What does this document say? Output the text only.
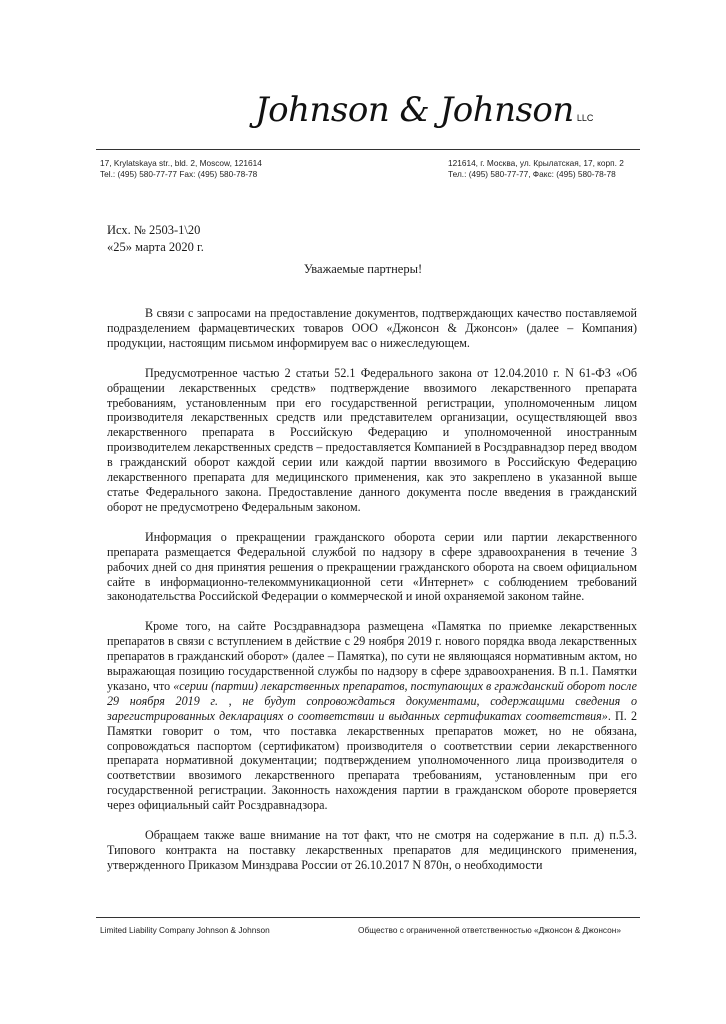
Johnson & Johnson LLC
17, Krylatskaya str., bld. 2, Moscow, 121614
Tel.: (495) 580-77-77 Fax: (495) 580-78-78
121614, г. Москва, ул. Крылатская, 17, корп. 2
Тел.: (495) 580-77-77, Факс: (495) 580-78-78
Исх. № 2503-1\20
«25» марта 2020 г.
Уважаемые партнеры!

В связи с запросами на предоставление документов, подтверждающих качество поставляемой подразделением фармацевтических товаров ООО «Джонсон & Джонсон» (далее – Компания) продукции, настоящим письмом информируем вас о нижеследующем.

Предусмотренное частью 2 статьи 52.1 Федерального закона от 12.04.2010 г. N 61-ФЗ «Об обращении лекарственных средств» подтверждение ввозимого лекарственного препарата требованиям, установленным при его государственной регистрации, уполномоченным лицом производителя лекарственных средств или представителем организации, осуществляющей ввоз лекарственного препарата в Российскую Федерацию и уполномоченной иностранным производителем лекарственных средств – предоставляется Компанией в Росздравнадзор перед вводом в гражданский оборот каждой серии или каждой партии ввозимого в Российскую Федерацию лекарственного препарата для медицинского применения, как это закреплено в указанной выше статье Федерального закона. Предоставление данного документа после введения в гражданский оборот не предусмотрено Федеральным законом.

Информация о прекращении гражданского оборота серии или партии лекарственного препарата размещается Федеральной службой по надзору в сфере здравоохранения в течение 3 рабочих дней со дня принятия решения о прекращении гражданского оборота на своем официальном сайте в информационно-телекоммуникационной сети «Интернет» с соблюдением требований законодательства Российской Федерации о коммерческой и иной охраняемой законом тайне.

Кроме того, на сайте Росздравнадзора размещена «Памятка по приемке лекарственных препаратов в связи с вступлением в действие с 29 ноября 2019 г. нового порядка ввода лекарственных препаратов в гражданский оборот» (далее – Памятка), по сути не являющаяся нормативным актом, но выражающая позицию государственной службы по надзору в сфере здравоохранения. В п.1. Памятки указано, что «серии (партии) лекарственных препаратов, поступающих в гражданский оборот после 29 ноября 2019 г. , не будут сопровождаться документами, содержащими сведения о зарегистрированных декларациях о соответствии и выданных сертификатах соответствия». П. 2 Памятки говорит о том, что поставка лекарственных препаратов может, но не обязана, сопровождаться паспортом (сертификатом) производителя о соответствии серии лекарственного препарата нормативной документации; подтверждением уполномоченного лица производителя о соответствии ввозимого лекарственного препарата требованиям, установленным при его государственной регистрации. Законность нахождения партии в гражданском обороте проверяется через официальный сайт Росздравнадзора.

Обращаем также ваше внимание на тот факт, что не смотря на содержание в п.п. д) п.5.3. Типового контракта на поставку лекарственных препаратов для медицинского применения, утвержденного Приказом Минздрава России от 26.10.2017 N 870н, о необходимости

Limited Liability Company Johnson & Johnson	Общество с ограниченной ответственностью «Джонсон & Джонсон»
